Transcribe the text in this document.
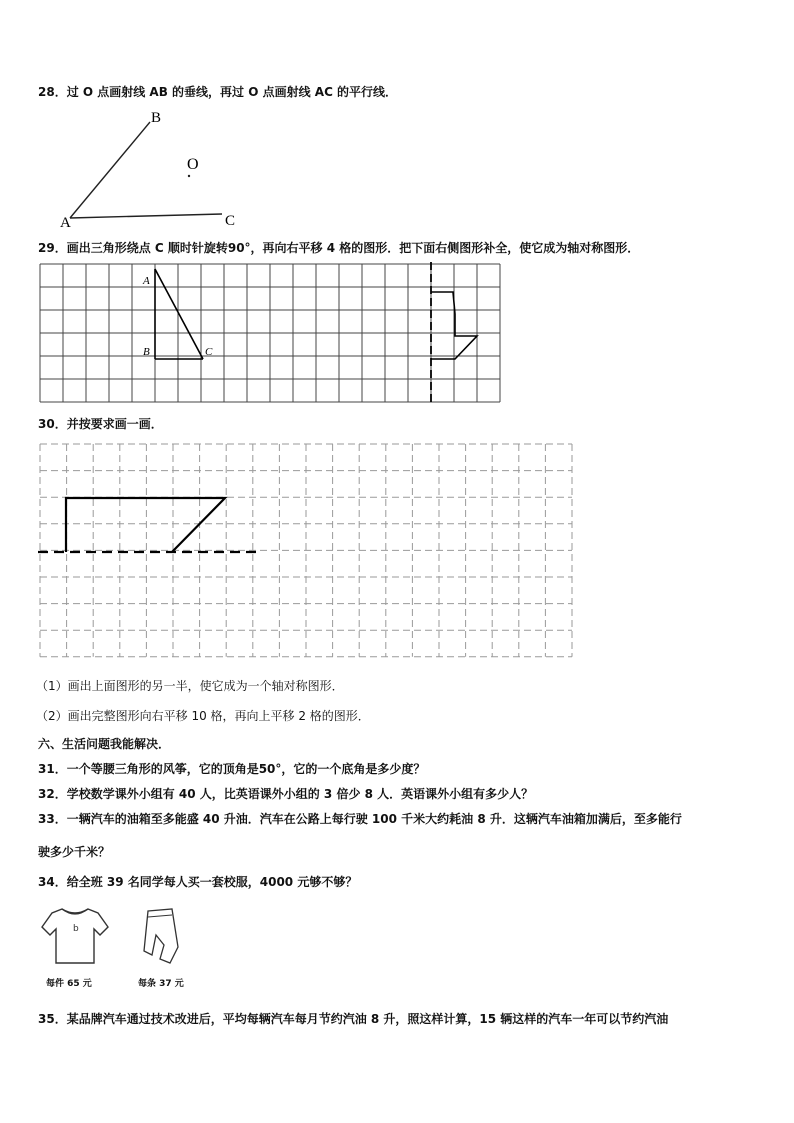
28．过 O 点画射线 AB 的垂线，再过 O 点画射线 AC 的平行线．
A
B
C
O
29．画出三角形绕点 C 顺时针旋转90°，再向右平移 4 格的图形．把下面右侧图形补全，使它成为轴对称图形．
A
B	C
30．并按要求画一画．
（1）画出上面图形的另一半，使它成为一个轴对称图形．
（2）画出完整图形向右平移 10 格，再向上平移 2 格的图形．
六、生活问题我能解决．
31．一个等腰三角形的风筝，它的顶角是50°，它的一个底角是多少度？
32．学校数学课外小组有 40 人，比英语课外小组的 3 倍少 8 人．英语课外小组有多少人？
33．一辆汽车的油箱至多能盛 40 升油．汽车在公路上每行驶 100 千米大约耗油 8 升．这辆汽车油箱加满后，至多能行
驶多少千米？
34．给全班 39 名同学每人买一套校服，4000 元够不够？
b
每件 65 元	每条 37 元
35．某品牌汽车通过技术改进后，平均每辆汽车每月节约汽油 8 升，照这样计算，15 辆这样的汽车一年可以节约汽油
